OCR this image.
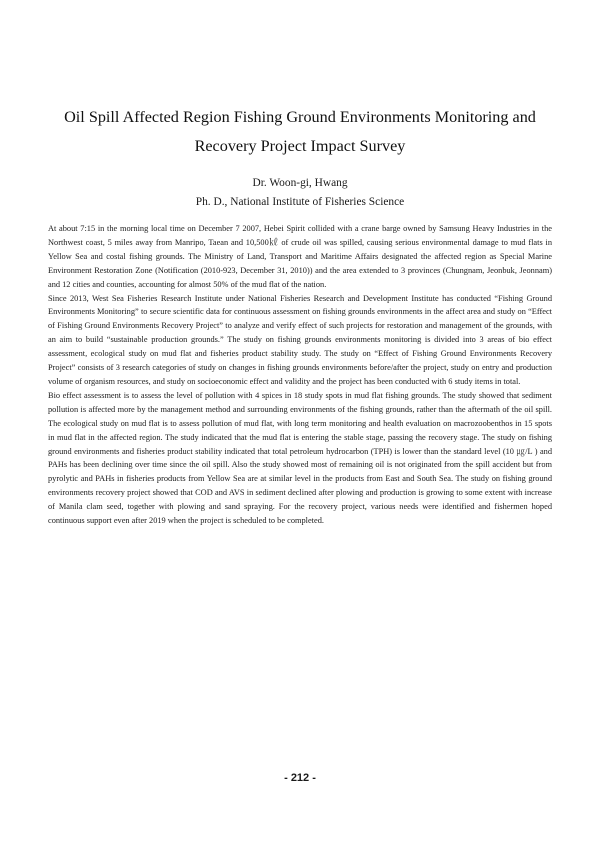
Oil Spill Affected Region Fishing Ground Environments Monitoring and
Recovery Project Impact Survey
Dr. Woon-gi, Hwang
Ph. D., National Institute of Fisheries Science

At about 7:15 in the morning local time on December 7 2007, Hebei Spirit collided with a crane barge owned by Samsung Heavy Industries in the Northwest coast, 5 miles away from Manripo, Taean and 10,500㎘ of crude oil was spilled, causing serious environmental damage to mud flats in Yellow Sea and costal fishing grounds. The Ministry of Land, Transport and Maritime Affairs designated the affected region as Special Marine Environment Restoration Zone (Notification (2010-923, December 31, 2010)) and the area extended to 3 provinces (Chungnam, Jeonbuk, Jeonnam) and 12 cities and counties, accounting for almost 50% of the mud flat of the nation.

Since 2013, West Sea Fisheries Research Institute under National Fisheries Research and Development Institute has conducted “Fishing Ground Environments Monitoring” to secure scientific data for continuous assessment on fishing grounds environments in the affect area and study on “Effect of Fishing Ground Environments Recovery Project” to analyze and verify effect of such projects for restoration and management of the grounds, with an aim to build “sustainable production grounds.” The study on fishing grounds environments monitoring is divided into 3 areas of bio effect assessment, ecological study on mud flat and fisheries product stability study. The study on “Effect of Fishing Ground Environments Recovery Project” consists of 3 research categories of study on changes in fishing grounds environments before/after the project, study on entry and production volume of organism resources, and study on socioeconomic effect and validity and the project has been conducted with 6 study items in total.

Bio effect assessment is to assess the level of pollution with 4 spices in 18 study spots in mud flat fishing grounds. The study showed that sediment pollution is affected more by the management method and surrounding environments of the fishing grounds, rather than the aftermath of the oil spill. The ecological study on mud flat is to assess pollution of mud flat, with long term monitoring and health evaluation on macrozoobenthos in 15 spots in mud flat in the affected region. The study indicated that the mud flat is entering the stable stage, passing the recovery stage. The study on fishing ground environments and fisheries product stability indicated that total petroleum hydrocarbon (TPH) is lower than the standard level (10 ㎍/L ) and PAHs has been declining over time since the oil spill. Also the study showed most of remaining oil is not originated from the spill accident but from pyrolytic and PAHs in fisheries products from Yellow Sea are at similar level in the products from East and South Sea. The study on fishing ground environments recovery project showed that COD and AVS in sediment declined after plowing and production is growing to some extent with increase of Manila clam seed, together with plowing and sand spraying. For the recovery project, various needs were identified and fishermen hoped continuous support even after 2019 when the project is scheduled to be completed.

- 212 -
